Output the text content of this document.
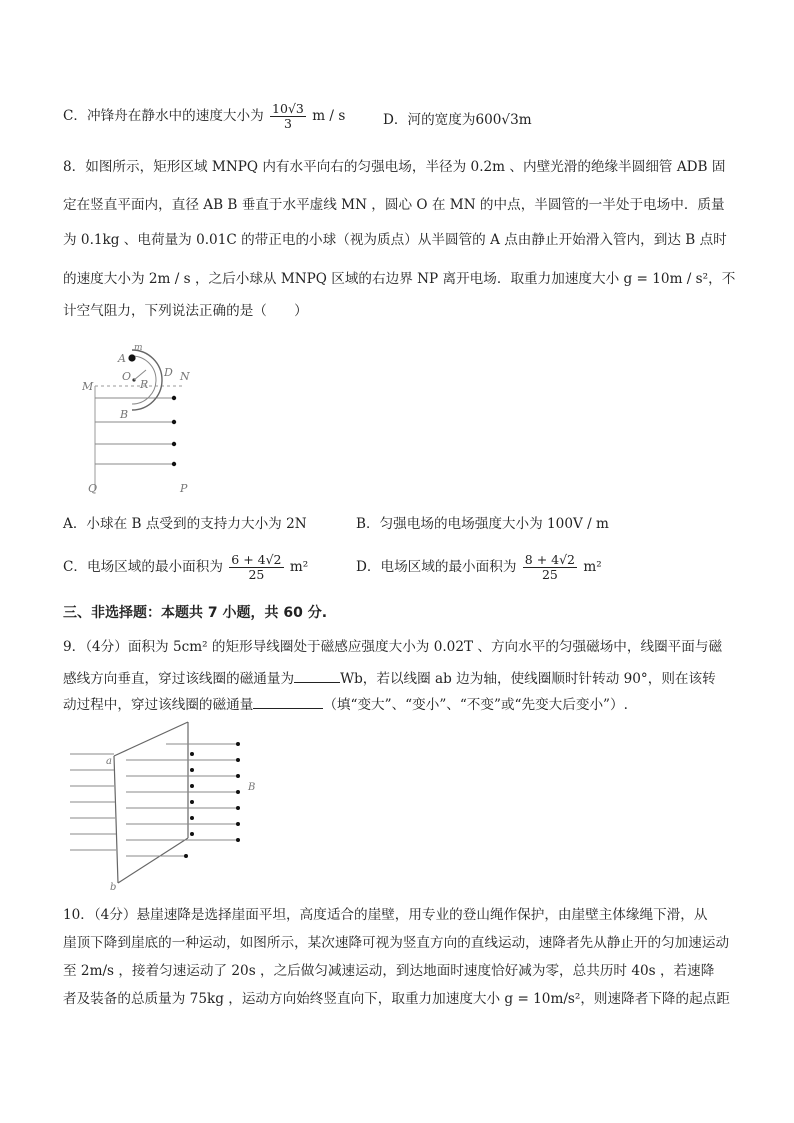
C．冲锋舟在静水中的速度大小为 $\frac{10√3}{3}$ m / s	D．河的宽度为600√3m
8．如图所示，矩形区域 MNPQ 内有水平向右的匀强电场，半径为 0.2m 、内壁光滑的绝缘半圆细管 ADB 固
定在竖直平面内，直径 AB B 垂直于水平虚线 MN ，圆心 O 在 MN 的中点，半圆管的一半处于电场中．质量
为 0.1kg 、电荷量为 0.01C 的带正电的小球（视为质点）从半圆管的 A 点由静止开始滑入管内，到达 B 点时
的速度大小为 2m / s ，之后小球从 MNPQ 区域的右边界 NP 离开电场．取重力加速度大小 g = 10m / s²，不
计空气阻力，下列说法正确的是（　　）
m
A
O
R
D N
M
B
Q	P
A．小球在 B 点受到的支持力大小为 2N	B．匀强电场的电场强度大小为 100V / m
C．电场区域的最小面积为 $\frac{6 + 4√2}{25} m^2$	D．电场区域的最小面积为 $\frac{8 + 4√2}{25} m^2$
三、非选择题：本题共 7 小题，共 60 分.
9．（4分）面积为 5cm² 的矩形导线圈处于磁感应强度大小为 0.02T 、方向水平的匀强磁场中，线圈平面与磁
感线方向垂直，穿过该线圈的磁通量为	Wb，若以线圈 ab 边为轴，使线圈顺时针转动 90°，则在该转
动过程中，穿过该线圈的磁通量	（填“变大”、“变小”、“不变”或“先变大后变小”）.
a
b
B
10．（4分）悬崖速降是选择崖面平坦，高度适合的崖壁，用专业的登山绳作保护，由崖壁主体缘绳下滑，从
崖顶下降到崖底的一种运动，如图所示，某次速降可视为竖直方向的直线运动，速降者先从静止开的匀加速运动
至 2m/s ，接着匀速运动了 20s ，之后做匀减速运动，到达地面时速度恰好减为零，总共历时 40s ，若速降
者及装备的总质量为 75kg ，运动方向始终竖直向下，取重力加速度大小 g = 10m/s²，则速降者下降的起点距
